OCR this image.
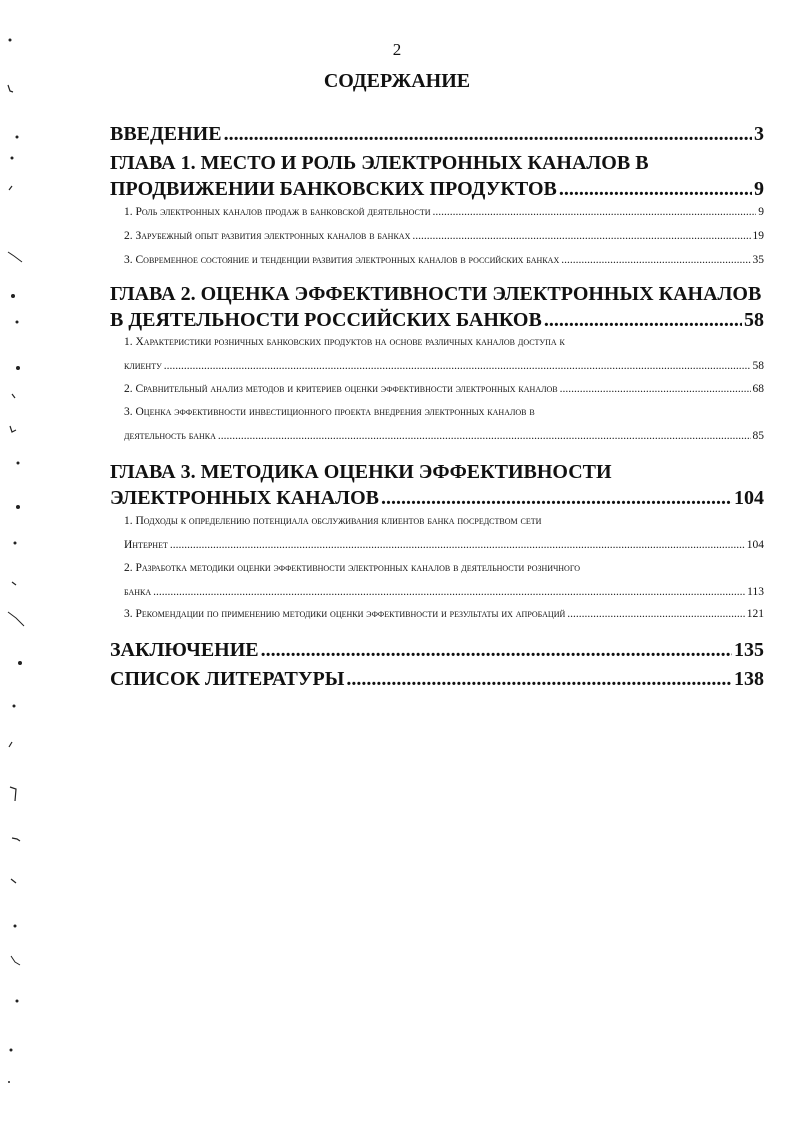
2
СОДЕРЖАНИЕ
ВВЕДЕНИЕ .....	3
ГЛАВА 1. МЕСТО И РОЛЬ ЭЛЕКТРОННЫХ КАНАЛОВ В
ПРОДВИЖЕНИИ БАНКОВСКИХ ПРОДУКТОВ .....	9
1. Роль электронных каналов продаж в банковской деятельности .....	9
2. Зарубежный опыт развития электронных каналов в банках .....	19
3. Современное состояние и тенденции развития электронных каналов в российских банках .....	35
ГЛАВА 2. ОЦЕНКА ЭФФЕКТИВНОСТИ ЭЛЕКТРОННЫХ КАНАЛОВ
В ДЕЯТЕЛЬНОСТИ РОССИЙСКИХ БАНКОВ .....	58
1. Характеристики розничных банковских продуктов на основе различных каналов доступа к
клиенту .....	58
2. Сравнительный анализ методов и критериев оценки эффективности электронных каналов .....	68
3. Оценка эффективности инвестиционного проекта внедрения электронных каналов в
деятельность банка .....	85
ГЛАВА 3. МЕТОДИКА ОЦЕНКИ ЭФФЕКТИВНОСТИ
ЭЛЕКТРОННЫХ КАНАЛОВ .....	104
1. Подходы к определению потенциала обслуживания клиентов банка посредством сети
Интернет .....	104
2. Разработка методики оценки эффективности электронных каналов в деятельности розничного
банка .....	113
3. Рекомендации по применению методики оценки эффективности и результаты их апробаций .....	121
ЗАКЛЮЧЕНИЕ .....	135
СПИСОК ЛИТЕРАТУРЫ .....	138
